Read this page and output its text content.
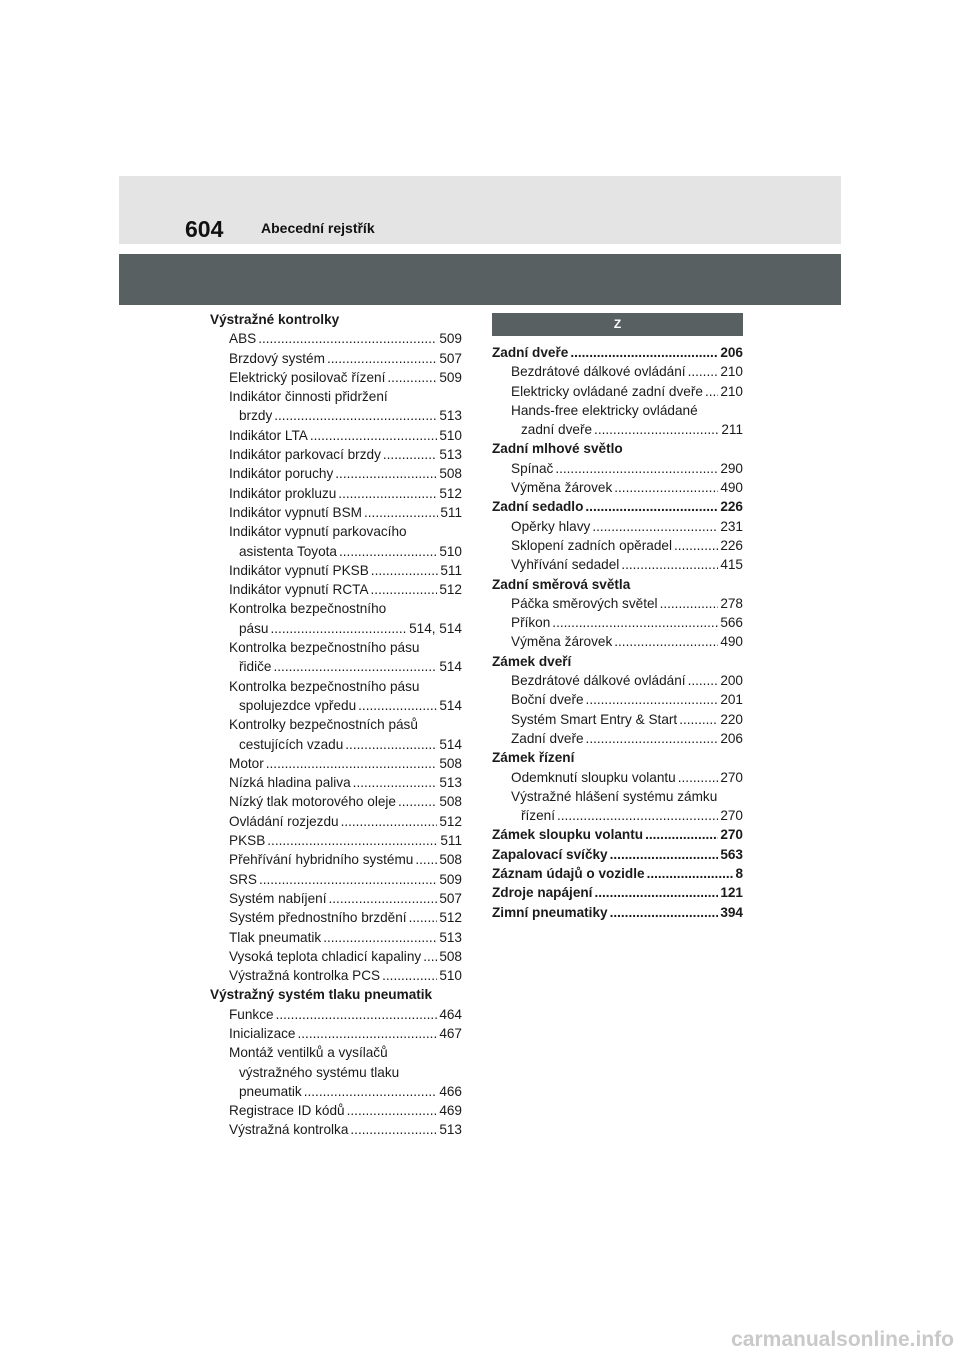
604	Abecední rejstřík
Výstražné kontrolky
ABS .....	509
Brzdový systém .....	507
Elektrický posilovač řízení .....	509
Indikátor činnosti přidržení
brzdy .....	513
Indikátor LTA .....	510
Indikátor parkovací brzdy .....	513
Indikátor poruchy .....	508
Indikátor prokluzu .....	512
Indikátor vypnutí BSM .....	511
Indikátor vypnutí parkovacího
asistenta Toyota .....	510
Indikátor vypnutí PKSB .....	511
Indikátor vypnutí RCTA .....	512
Kontrolka bezpečnostního
pásu .....	514, 514
Kontrolka bezpečnostního pásu
řidiče .....	514
Kontrolka bezpečnostního pásu
spolujezdce vpředu .....	514
Kontrolky bezpečnostních pásů
cestujících vzadu .....	514
Motor .....	508
Nízká hladina paliva .....	513
Nízký tlak motorového oleje .....	508
Ovládání rozjezdu .....	512
PKSB .....	511
Přehřívání hybridního systému ..... 508
SRS .....	509
Systém nabíjení .....	507
Systém přednostního brzdění ..... 512
Tlak pneumatik .....	513
Vysoká teplota chladicí kapaliny ..... 508
Výstražná kontrolka PCS .....	510
Výstražný systém tlaku pneumatik
Funkce .....	464
Inicializace .....	467
Montáž ventilků a vysílačů
výstražného systému tlaku
pneumatik .....	466
Registrace ID kódů .....	469
Výstražná kontrolka .....	513
Z
Zadní dveře .....	206
Bezdrátové dálkové ovládání .....	210
Elektricky ovládané zadní dveře ..... 210
Hands-free elektricky ovládané
zadní dveře .....	211
Zadní mlhové světlo
Spínač .....	290
Výměna žárovek .....	490
Zadní sedadlo .....	226
Opěrky hlavy .....	231
Sklopení zadních opěradel .....	226
Vyhřívání sedadel .....	415
Zadní směrová světla
Páčka směrových světel .....	278
Příkon .....	566
Výměna žárovek .....	490
Zámek dveří
Bezdrátové dálkové ovládání .....	200
Boční dveře .....	201
Systém Smart Entry & Start .....	220
Zadní dveře .....	206
Zámek řízení
Odemknutí sloupku volantu .....	270
Výstražné hlášení systému zámku
řízení .....	270
Zámek sloupku volantu .....	270
Zapalovací svíčky .....	563
Záznam údajů o vozidle .....	8
Zdroje napájení .....	121
Zimní pneumatiky .....	394
carmanualsonline.info
